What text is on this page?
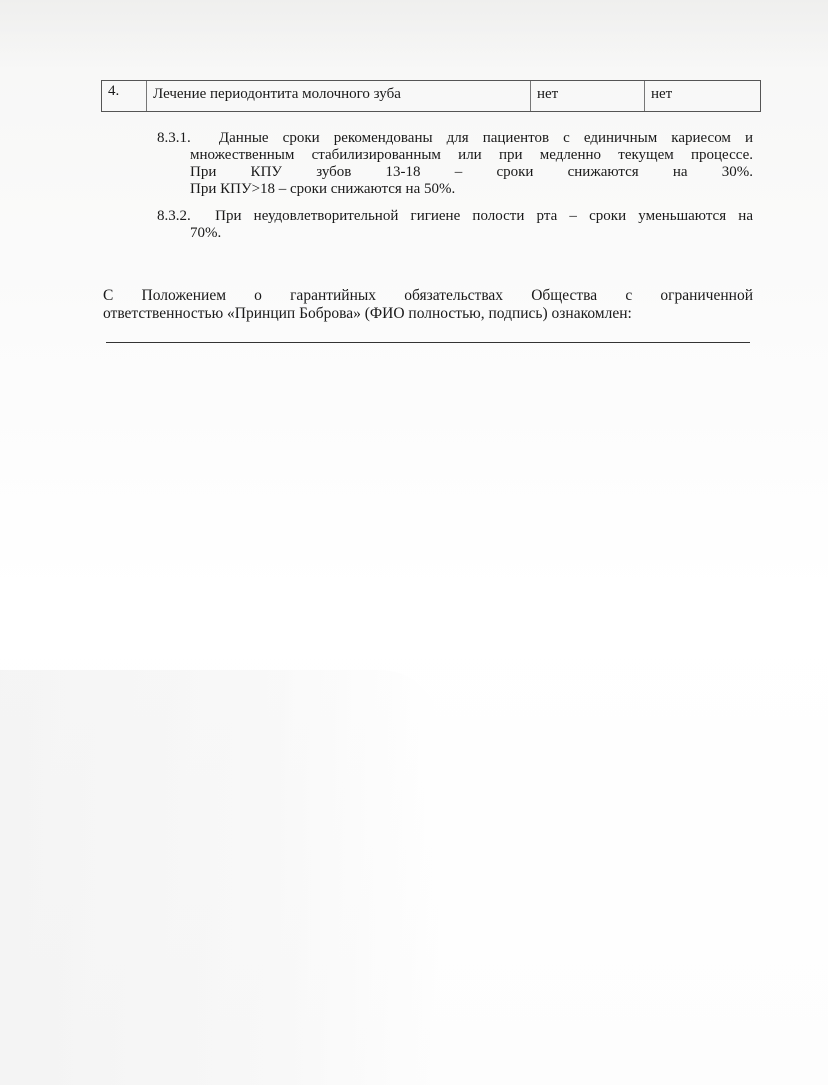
4.	Лечение периодонтита молочного зуба	нет	нет
8.3.1. Данные сроки рекомендованы для пациентов с единичным кариесом и
множественным стабилизированным или при медленно текущем процессе.
При КПУ зубов 13-18 – сроки снижаются на 30%.
При КПУ>18 – сроки снижаются на 50%.
8.3.2. При неудовлетворительной гигиене полости рта – сроки уменьшаются на
70%.
С Положением о гарантийных обязательствах Общества с ограниченной
ответственностью «Принцип Боброва» (ФИО полностью, подпись) ознакомлен:
